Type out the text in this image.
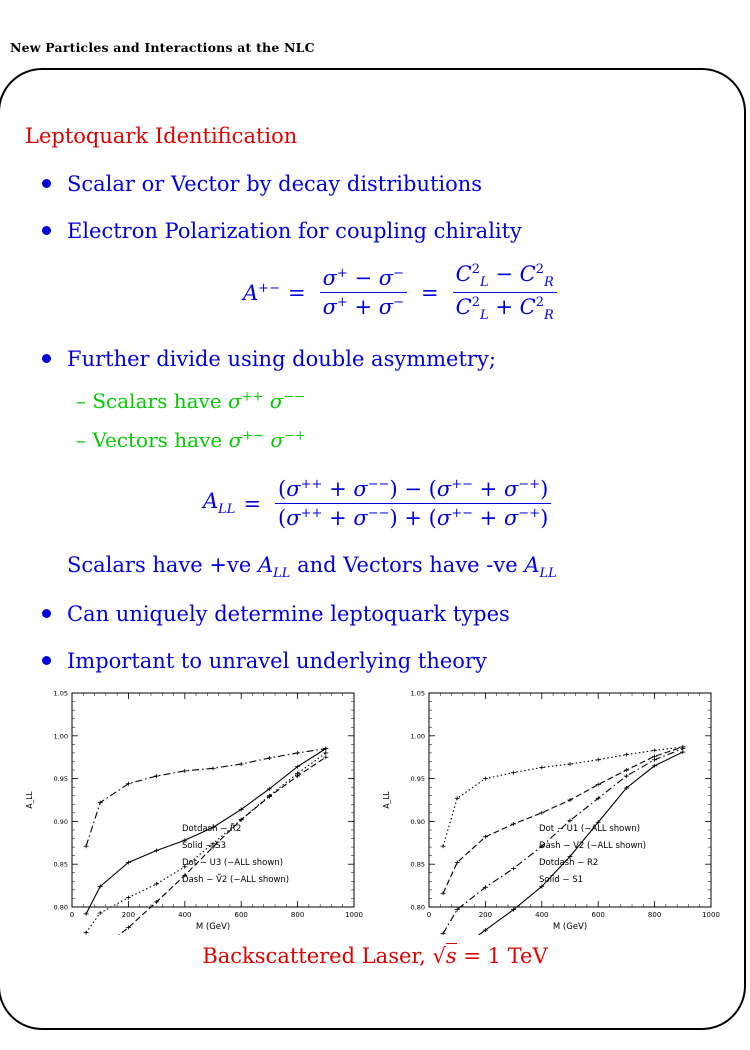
New Particles and Interactions at the NLC
Leptoquark Identification
Scalar or Vector by decay distributions
Electron Polarization for coupling chirality
$A^{+-} = \frac{\sigma^+ - \sigma^-}{\sigma^+ + \sigma^-} = \frac{C^2_L - C^2_R}{C^2_L + C^2_R}$
Further divide using double asymmetry;
– Scalars have σ++ σ−−
– Vectors have σ+− σ−+
$A_{LL} = \frac{(\sigma^{++} + \sigma^{--}) - (\sigma^{+-} + \sigma^{-+})}{(\sigma^{++} + \sigma^{--}) + (\sigma^{+-} + \sigma^{-+})}$
Scalars have +ve $A_{LL}$ and Vectors have -ve $A_{LL}$
Can uniquely determine leptoquark types
Important to unravel underlying theory
0	200	400	600	800	1000
0.80
0.85
0.90
0.95
1.00
1.05
M (GeV)
A_LL
Dotdash − R̃2
Solid − S3
Dot − U3 (−ALL shown)
Dash − Ṽ2 (−ALL shown)
0	200	400	600	800	1000
0.80
0.85
0.90
0.95
1.00
1.05
M (GeV)
A_LL
Dot − U1 (−ALL shown)
Dash − V2 (−ALL shown)
Dotdash − R2
Solid − S1
Backscattered Laser, √s = 1 TeV
